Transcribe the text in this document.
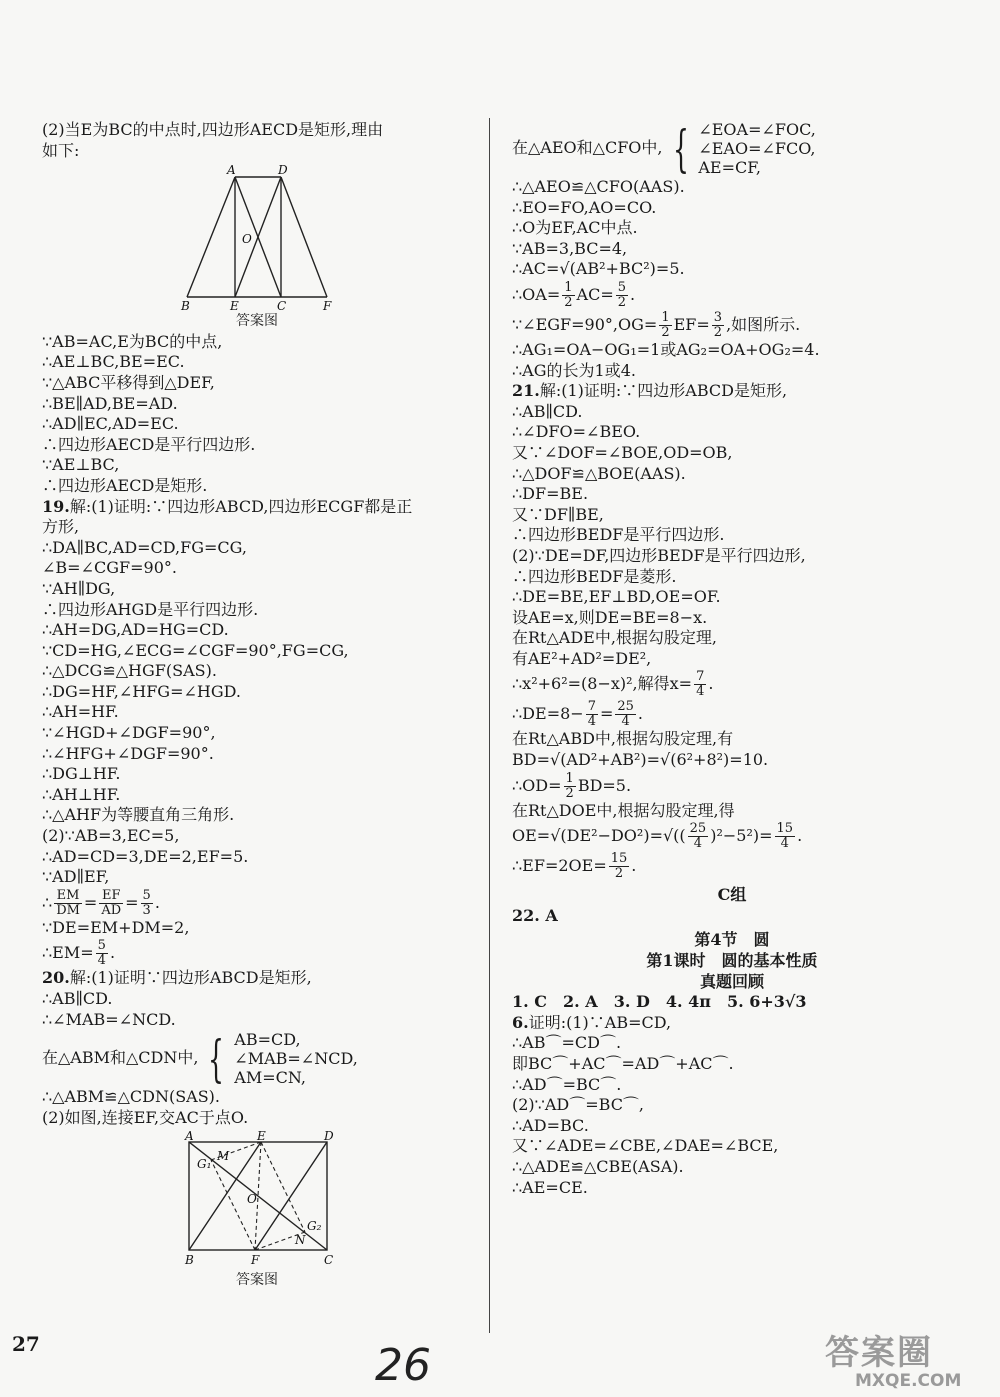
(2)当E为BC的中点时,四边形AECD是矩形,理由
如下:
A	D
O
B	E	C	F
答案图
∵AB=AC,E为BC的中点,
∴AE⊥BC,BE=EC.
∵△ABC平移得到△DEF,
∴BE∥AD,BE=AD.
∴AD∥EC,AD=EC.
∴四边形AECD是平行四边形.
∵AE⊥BC,
∴四边形AECD是矩形.
19.解:(1)证明:∵四边形ABCD,四边形ECGF都是正
方形,
∴DA∥BC,AD=CD,FG=CG,
∠B=∠CGF=90°.
∵AH∥DG,
∴四边形AHGD是平行四边形.
∴AH=DG,AD=HG=CD.
∵CD=HG,∠ECG=∠CGF=90°,FG=CG,
∴△DCG≌△HGF(SAS).
∴DG=HF,∠HFG=∠HGD.
∴AH=HF.
∵∠HGD+∠DGF=90°,
∴∠HFG+∠DGF=90°.
∴DG⊥HF.
∴AH⊥HF.
∴△AHF为等腰直角三角形.
(2)∵AB=3,EC=5,
∴AD=CD=3,DE=2,EF=5.
∵AD∥EF,
∴ $\frac{EM}{DM} = \frac{EF}{AD} = \frac{5}{3}$ .
∵DE=EM+DM=2,
∴EM= $\frac{5}{4}$ .
20.解:(1)证明∵四边形ABCD是矩形,
∴AB∥CD.
∴∠MAB=∠NCD.
在△ABM和△CDN中, { AB=CD,
∠MAB=∠NCD,
AM=CN,
∴△ABM≌△CDN(SAS).
(2)如图,连接EF,交AC于点O.
A	E	D
G₁
M
O
G₂
N
B	F	C
答案图
在△AEO和△CFO中, { ∠EOA=∠FOC,
∠EAO=∠FCO,
AE=CF,
∴△AEO≌△CFO(AAS).
∴EO=FO,AO=CO.
∴O为EF,AC中点.
∵AB=3,BC=4,
∴AC=√(AB²+BC²)=5.
∴OA= $\frac{1}{2} AC= \frac{5}{2}$ .
∵∠EGF=90°,OG= $\frac{1}{2} EF= \frac{3}{2}$ ,如图所示.
∴AG₁=OA−OG₁=1或AG₂=OA+OG₂=4.
∴AG的长为1或4.
21.解:(1)证明:∵四边形ABCD是矩形,
∴AB∥CD.
∴∠DFO=∠BEO.
又∵∠DOF=∠BOE,OD=OB,
∴△DOF≌△BOE(AAS).
∴DF=BE.
又∵DF∥BE,
∴四边形BEDF是平行四边形.
(2)∵DE=DF,四边形BEDF是平行四边形,
∴四边形BEDF是菱形.
∴DE=BE,EF⊥BD,OE=OF.
设AE=x,则DE=BE=8−x.
在Rt△ADE中,根据勾股定理,
有AE²+AD²=DE²,
∴x²+6²=(8−x)²,解得$x= \frac{7}{4}$ .
∴DE=8− $\frac{7}{4} = \frac{25}{4}$ .
在Rt△ABD中,根据勾股定理,有
BD=√(AD²+AB²)=√(6²+8²)=10.
∴OD= $\frac{1}{2} BD=5$.
在Rt△DOE中,根据勾股定理,得
$OE=√(DE^2-DO^2)=√(( \frac{25}{4} )^2-5^2)= \frac{15}{4}$ .
∴EF=2OE= $\frac{15}{2}$ .
C组
22. A
第4节　圆
第1课时　圆的基本性质
真题回顾
1. C　2. A　3. D　4. 4π　5. 6+3√3
6.证明:(1)∵AB=CD,
∴AB⌒=CD⌒.
即BC⌒+AC⌒=AD⌒+AC⌒.
∴AD⌒=BC⌒.
(2)∵AD⌒=BC⌒,
∴AD=BC.
又∵∠ADE=∠CBE,∠DAE=∠BCE,
∴△ADE≌△CBE(ASA).
∴AE=CE.
27	26	答案圈
MXQE.COM
